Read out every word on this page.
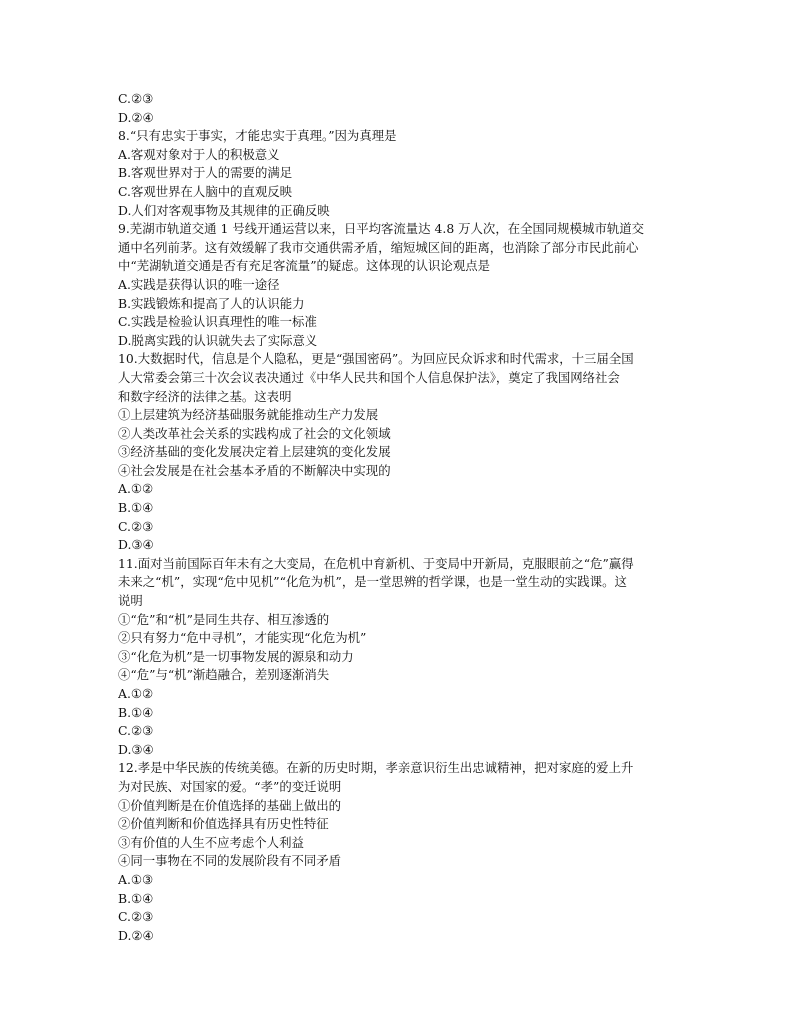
C.②③
D.②④
8.“只有忠实于事实，才能忠实于真理。”因为真理是
A.客观对象对于人的积极意义
B.客观世界对于人的需要的满足
C.客观世界在人脑中的直观反映
D.人们对客观事物及其规律的正确反映
9.芜湖市轨道交通 1 号线开通运营以来，日平均客流量达 4.8 万人次，在全国同规模城市轨道交
通中名列前茅。这有效缓解了我市交通供需矛盾，缩短城区间的距离，也消除了部分市民此前心
中“芜湖轨道交通是否有充足客流量”的疑虑。这体现的认识论观点是
A.实践是获得认识的唯一途径
B.实践锻炼和提高了人的认识能力
C.实践是检验认识真理性的唯一标准
D.脱离实践的认识就失去了实际意义
10.大数据时代，信息是个人隐私，更是“强国密码”。为回应民众诉求和时代需求，十三届全国
人大常委会第三十次会议表决通过《中华人民共和国个人信息保护法》，奠定了我国网络社会
和数字经济的法律之基。这表明
①上层建筑为经济基础服务就能推动生产力发展
②人类改革社会关系的实践构成了社会的文化领域
③经济基础的变化发展决定着上层建筑的变化发展
④社会发展是在社会基本矛盾的不断解决中实现的
A.①②
B.①④
C.②③
D.③④
11.面对当前国际百年未有之大变局，在危机中育新机、于变局中开新局，克服眼前之“危”赢得
未来之“机”，实现“危中见机”“化危为机”，是一堂思辨的哲学课，也是一堂生动的实践课。这
说明
①“危”和“机”是同生共存、相互渗透的
②只有努力“危中寻机”，才能实现“化危为机”
③“化危为机”是一切事物发展的源泉和动力
④“危”与“机”渐趋融合，差别逐渐消失
A.①②
B.①④
C.②③
D.③④
12.孝是中华民族的传统美德。在新的历史时期，孝亲意识衍生出忠诚精神，把对家庭的爱上升
为对民族、对国家的爱。“孝”的变迁说明
①价值判断是在价值选择的基础上做出的
②价值判断和价值选择具有历史性特征
③有价值的人生不应考虑个人利益
④同一事物在不同的发展阶段有不同矛盾
A.①③
B.①④
C.②③
D.②④
